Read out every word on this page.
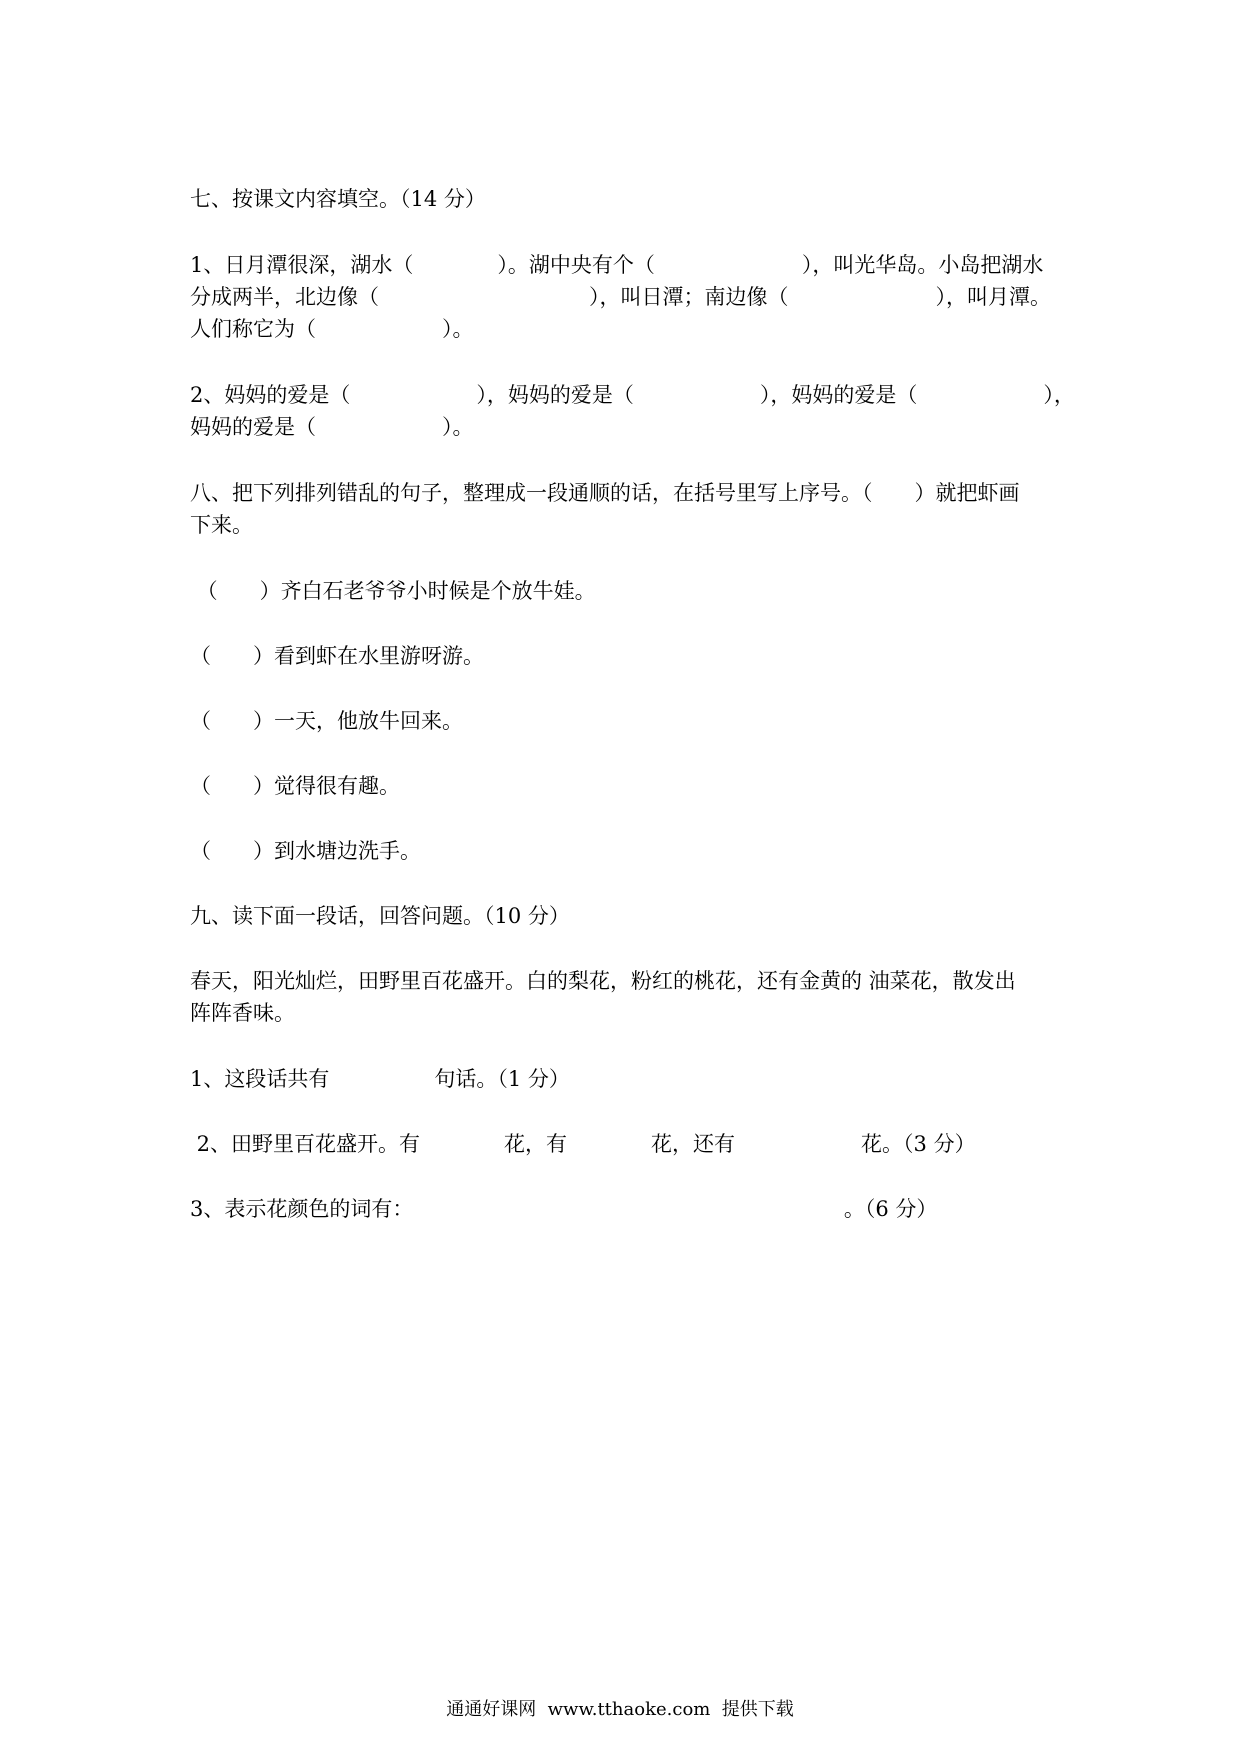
七、按课文内容填空。（14 分）

1、日月潭很深，湖水（　　　　）。湖中央有个（　　　　　　　），叫光华岛。小岛把湖水

分成两半，北边像（　　　　　　　　　　），叫日潭；南边像（　　　　　　　），叫月潭。

人们称它为（　　　　　　）。

2、妈妈的爱是（　　　　　　），妈妈的爱是（　　　　　　），妈妈的爱是 （　　　　　　），

妈妈的爱是（　　　　　　）。

八、把下列排列错乱的句子，整理成一段通顺的话，在括号里写上序号。（　　）就把虾画

下来。

（　　）齐白石老爷爷小时候是个放牛娃。

（　　）看到虾在水里游呀游。

（　　）一天，他放牛回来。

（　　）觉得很有趣。

（　　）到水塘边洗手。

九、读下面一段话，回答问题。（10 分）

春天，阳光灿烂，田野里百花盛开。白的梨花，粉红的桃花，还有金黄的 油菜花，散发出

阵阵香味。

1、这段话共有　　　　　句话。（1 分）

2、田野里百花盛开。有　　　　花，有　　　　花，还有　　　　　　花。（3 分）

3、表示花颜色的词有：　　　　　　　　　　　　　　　　　　　　　。（6 分）

通通好课网  www.tthaoke.com  提供下载
